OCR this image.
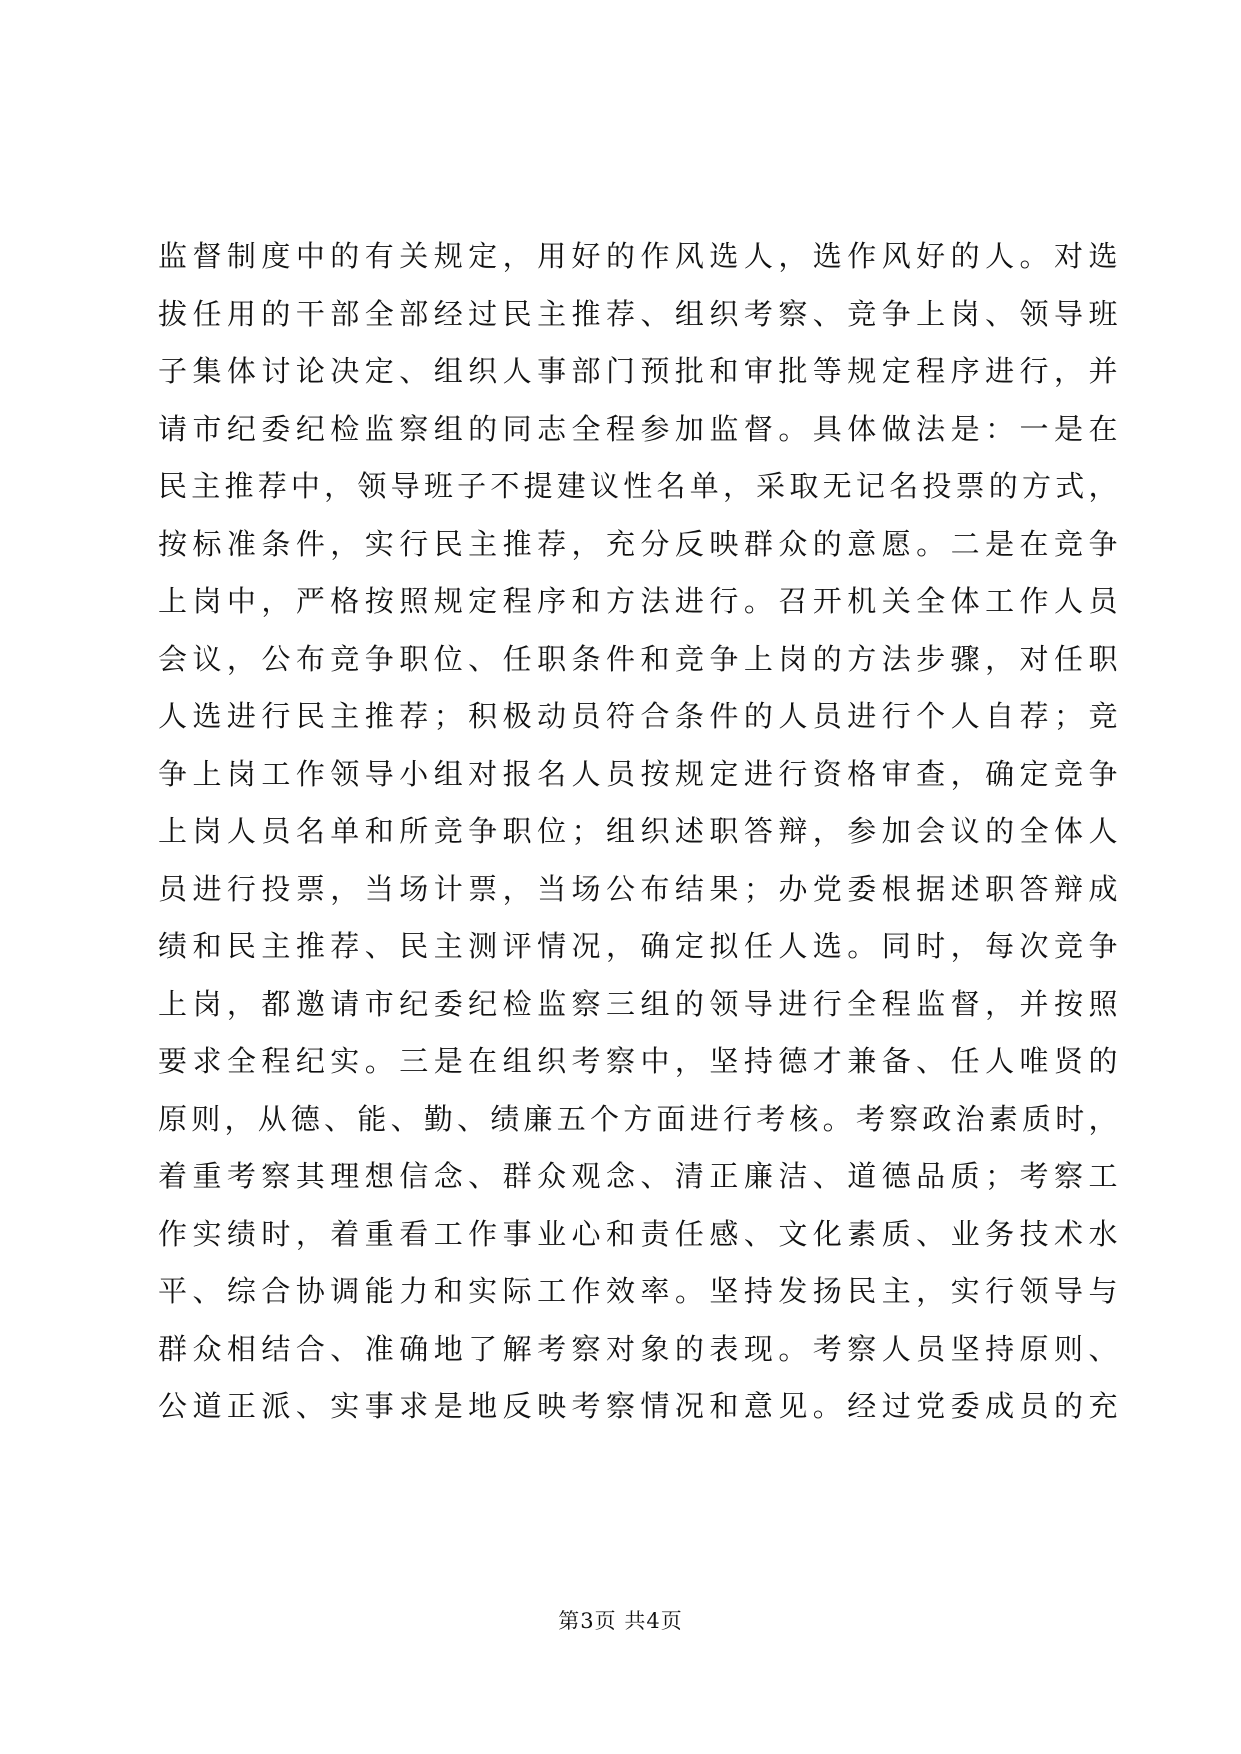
监督制度中的有关规定，用好的作风选人，选作风好的人。对选
拔任用的干部全部经过民主推荐、组织考察、竞争上岗、领导班
子集体讨论决定、组织人事部门预批和审批等规定程序进行，并
请市纪委纪检监察组的同志全程参加监督。具体做法是：一是在
民主推荐中，领导班子不提建议性名单，采取无记名投票的方式，
按标准条件，实行民主推荐，充分反映群众的意愿。二是在竞争
上岗中，严格按照规定程序和方法进行。召开机关全体工作人员
会议，公布竞争职位、任职条件和竞争上岗的方法步骤，对任职
人选进行民主推荐；积极动员符合条件的人员进行个人自荐；竞
争上岗工作领导小组对报名人员按规定进行资格审查，确定竞争
上岗人员名单和所竞争职位；组织述职答辩，参加会议的全体人
员进行投票，当场计票，当场公布结果；办党委根据述职答辩成
绩和民主推荐、民主测评情况，确定拟任人选。同时，每次竞争
上岗，都邀请市纪委纪检监察三组的领导进行全程监督，并按照
要求全程纪实。三是在组织考察中，坚持德才兼备、任人唯贤的
原则，从德、能、勤、绩廉五个方面进行考核。考察政治素质时，
着重考察其理想信念、群众观念、清正廉洁、道德品质；考察工
作实绩时，着重看工作事业心和责任感、文化素质、业务技术水
平、综合协调能力和实际工作效率。坚持发扬民主，实行领导与
群众相结合、准确地了解考察对象的表现。考察人员坚持原则、
公道正派、实事求是地反映考察情况和意见。经过党委成员的充
第3页 共4页
